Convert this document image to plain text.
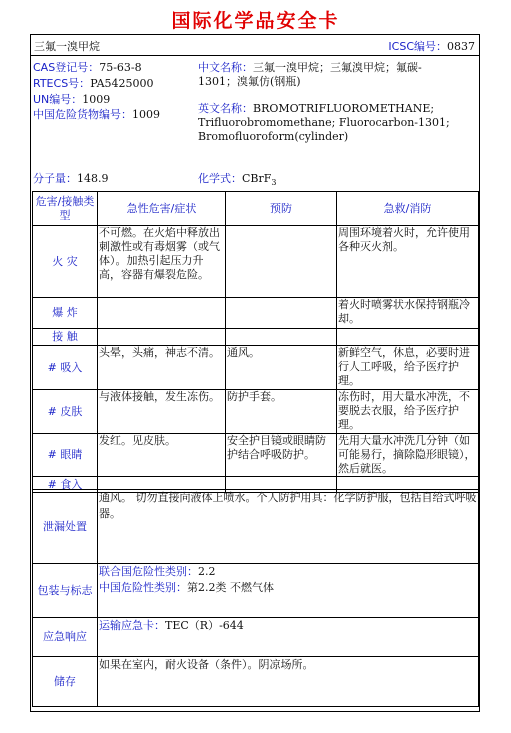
国际化学品安全卡
三氟一溴甲烷	ICSC编号：0837
CAS登记号：75-63-8
RTECS号：PA5425000
UN编号：1009
中国危险货物编号：1009
中文名称：三氟一溴甲烷；三氟溴甲烷；氟碳-
1301；溴氟仿(钢瓶)
英文名称：BROMOTRIFLUOROMETHANE;
Trifluorobromomethane; Fluorocarbon-1301;
Bromofluoroform(cylinder)
分子量：148.9	化学式：CBrF$_3$
危害/接触类型	急性危害/症状	预防	急救/消防
火 灾	不可燃。在火焰中释放出刺激性或有毒烟雾（或气体）。加热引起压力升高，容器有爆裂危险。		周围环境着火时，允许使用各种灭火剂。
爆 炸			着火时喷雾状水保持钢瓶冷却。
接 触			
# 吸入	头晕，头痛，神志不清。	通风。	新鲜空气，休息，必要时进行人工呼吸，给予医疗护理。
# 皮肤	与液体接触，发生冻伤。	防护手套。	冻伤时，用大量水冲洗，不要脱去衣服，给予医疗护理。
# 眼睛	发红。见皮肤。	安全护目镜或眼睛防护结合呼吸防护。	先用大量水冲洗几分钟（如可能易行，摘除隐形眼镜），然后就医。
# 食入			
泄漏处置	通风。 切勿直接向液体上喷水。个人防护用具：化学防护服，包括自给式呼吸器。
包装与标志	联合国危险性类别：2.2
中国危险性类别：第2.2类 不燃气体

应急响应	运输应急卡：TEC（R）-644
储存	如果在室内，耐火设备（条件）。阴凉场所。
